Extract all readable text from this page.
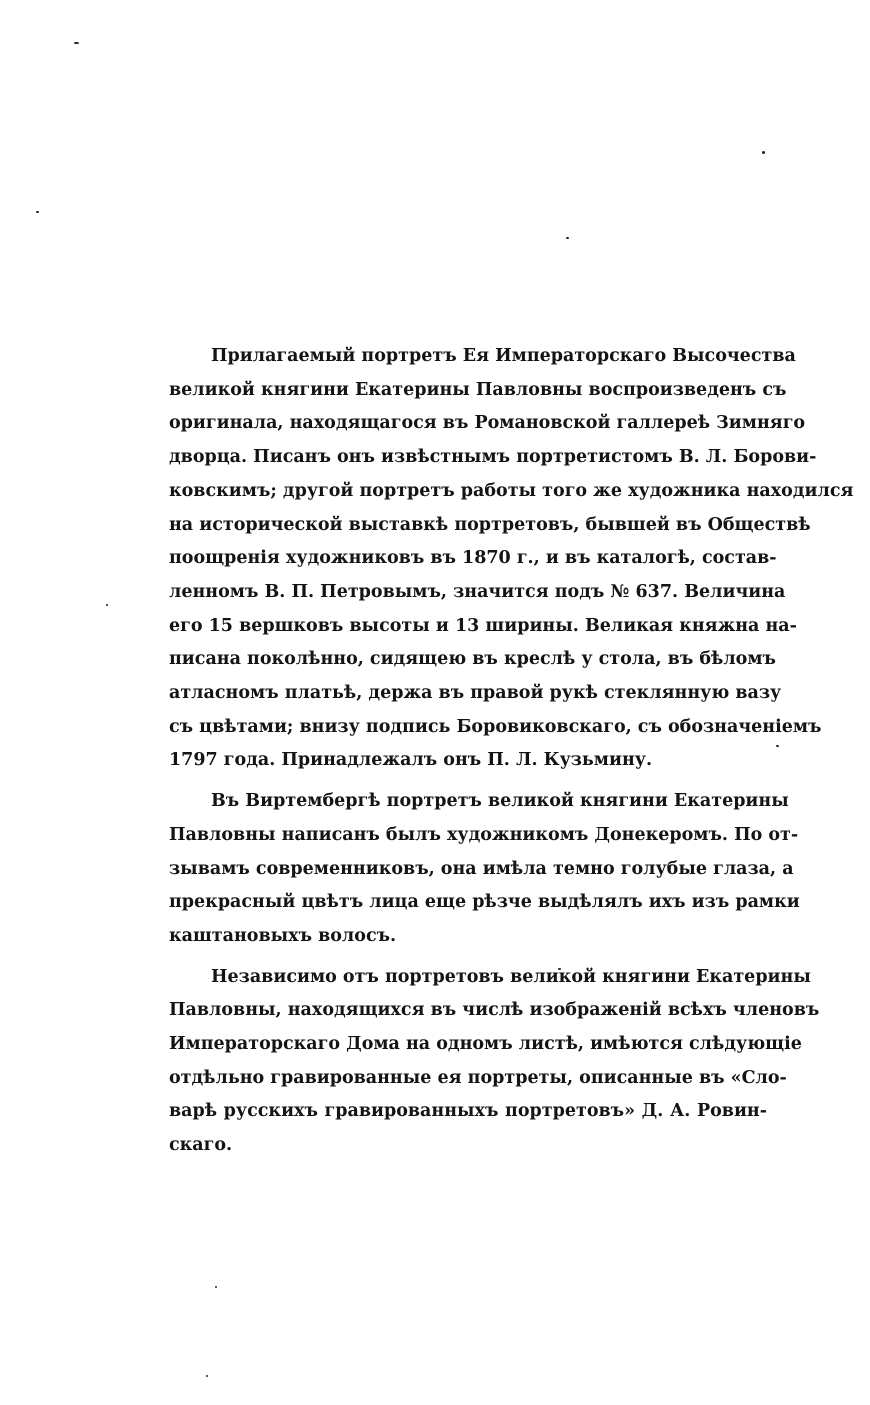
Прилагаемый портретъ Ея Императорскаго Высочества
великой княгини Екатерины Павловны воспроизведенъ съ
оригинала, находящагося въ Романовской галлереѣ Зимняго
дворца. Писанъ онъ извѣстнымъ портретистомъ В. Л. Борови-
ковскимъ; другой портретъ работы того же художника находился
на исторической выставкѣ портретовъ, бывшей въ Обществѣ
поощренія художниковъ въ 1870 г., и въ каталогѣ, состав-
ленномъ В. П. Петровымъ, значится подъ № 637. Величина
его 15 вершковъ высоты и 13 ширины. Великая княжна на-
писана поколѣнно, сидящею въ креслѣ у стола, въ бѣломъ
атласномъ платьѣ, держа въ правой рукѣ стеклянную вазу
съ цвѣтами; внизу подпись Боровиковскаго, съ обозначеніемъ
1797 года. Принадлежалъ онъ П. Л. Кузьмину.
Въ Виртембергѣ портретъ великой княгини Екатерины
Павловны написанъ былъ художникомъ Донекеромъ. По от-
зывамъ современниковъ, она имѣла темно голубые глаза, а
прекрасный цвѣтъ лица еще рѣзче выдѣлялъ ихъ изъ рамки
каштановыхъ волосъ.
Независимо отъ портретовъ великой княгини Екатерины
Павловны, находящихся въ числѣ изображеній всѣхъ членовъ
Императорскаго Дома на одномъ листѣ, имѣются слѣдующіе
отдѣльно гравированные ея портреты, описанные въ «Сло-
варѣ русскихъ гравированныхъ портретовъ» Д. А. Ровин-
скаго.
